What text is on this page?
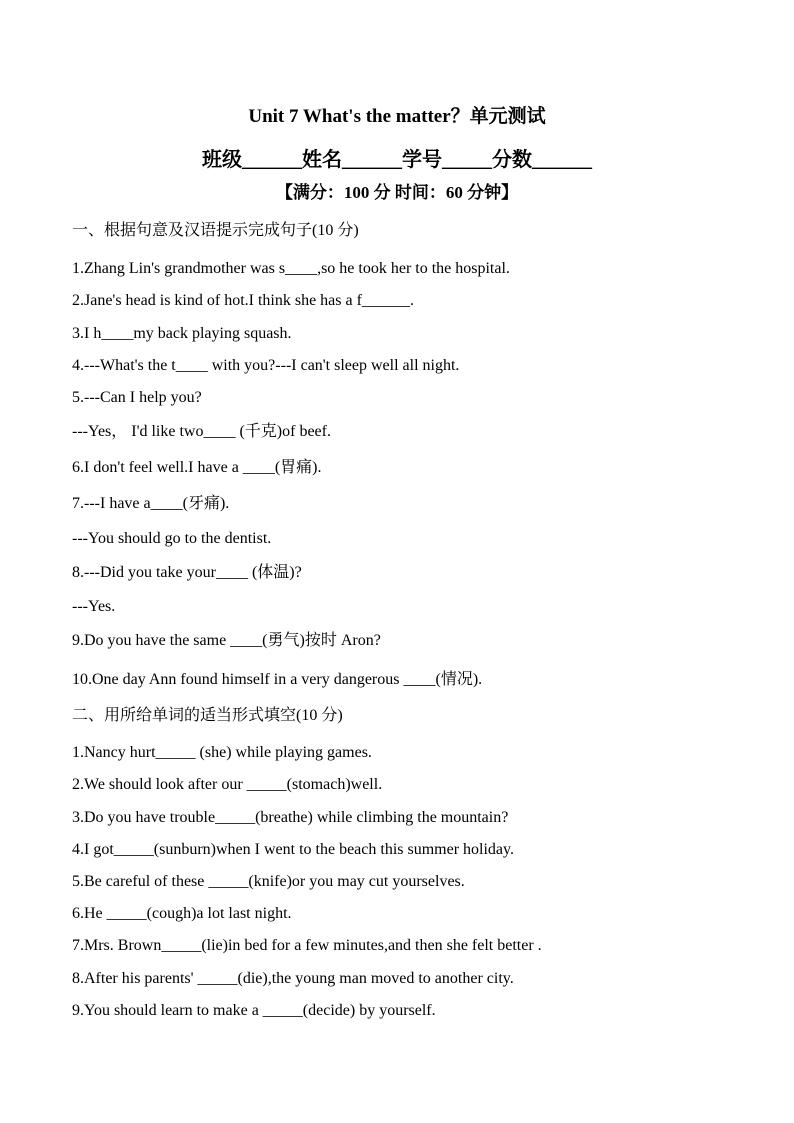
Unit 7 What's the matter？单元测试
班级______姓名______学号_____分数______
【满分：100 分 时间：60 分钟】
一、根据句意及汉语提示完成句子(10 分)
1.Zhang Lin's grandmother was s____,so he took her to the hospital.
2.Jane's head is kind of hot.I think she has a f______.
3.I h____my back playing squash.
4.---What's the t____ with you?---I can't sleep well all night.
5.---Can I help you?
---Yes， I'd like two____ (千克)of beef.
6.I don't feel well.I have a ____(胃痛).
7.---I have a____(牙痛).
---You should go to the dentist.
8.---Did you take your____ (体温)?
---Yes.
9.Do you have the same ____(勇气)按时 Aron?
10.One day Ann found himself in a very dangerous ____(情况).
二、用所给单词的适当形式填空(10 分)
1.Nancy hurt_____ (she) while playing games.
2.We should look after our _____(stomach)well.
3.Do you have trouble_____(breathe) while climbing the mountain?
4.I got_____(sunburn)when I went to the beach this summer holiday.
5.Be careful of these _____(knife)or you may cut yourselves.
6.He _____(cough)a lot last night.
7.Mrs. Brown_____(lie)in bed for a few minutes,and then she felt better .
8.After his parents' _____(die),the young man moved to another city.
9.You should learn to make a _____(decide) by yourself.
